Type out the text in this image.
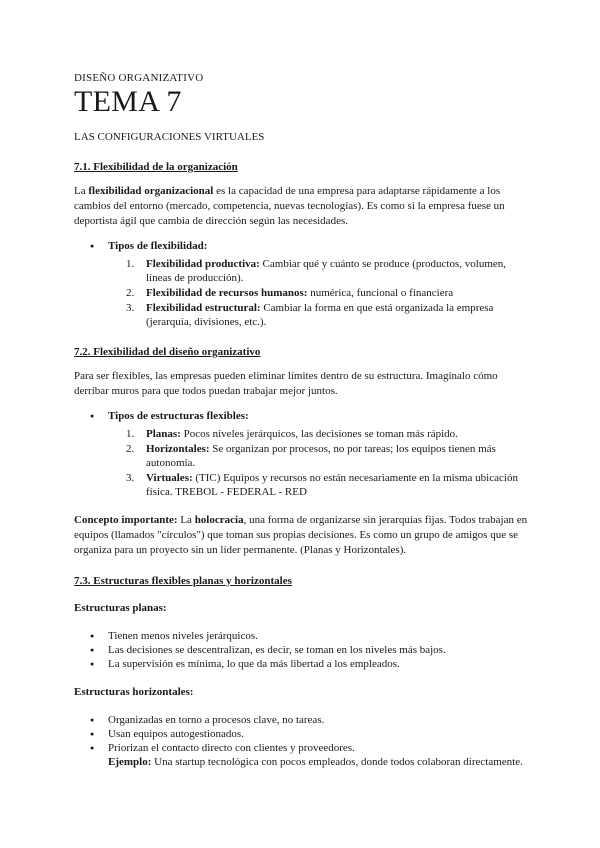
DISEÑO ORGANIZATIVO
TEMA 7
LAS CONFIGURACIONES VIRTUALES
7.1. Flexibilidad de la organización

La flexibilidad organizacional es la capacidad de una empresa para adaptarse rápidamente a los cambios del entorno (mercado, competencia, nuevas tecnologías). Es como si la empresa fuese un deportista ágil que cambia de dirección según las necesidades.

● Tipos de flexibilidad:
1. Flexibilidad productiva: Cambiar qué y cuánto se produce (productos, volumen, líneas de producción).
2. Flexibilidad de recursos humanos: numérica, funcional o financiera
3. Flexibilidad estructural: Cambiar la forma en que está organizada la empresa (jerarquía, divisiones, etc.).
7.2. Flexibilidad del diseño organizativo

Para ser flexibles, las empresas pueden eliminar límites dentro de su estructura. Imagínalo cómo derribar muros para que todos puedan trabajar mejor juntos.

● Tipos de estructuras flexibles:
1. Planas: Pocos niveles jerárquicos, las decisiones se toman más rápido.
2. Horizontales: Se organizan por procesos, no por tareas; los equipos tienen más autonomía.
3. Virtuales: (TIC) Equipos y recursos no están necesariamente en la misma ubicación física. TREBOL - FEDERAL - RED

Concepto importante: La holocracia, una forma de organizarse sin jerarquías fijas. Todos trabajan en equipos (llamados "círculos") que toman sus propias decisiones. Es como un grupo de amigos que se organiza para un proyecto sin un líder permanente. (Planas y Horizontales).

7.3. Estructuras flexibles planas y horizontales
Estructuras planas:
● Tienen menos niveles jerárquicos.
● Las decisiones se descentralizan, es decir, se toman en los niveles más bajos.
● La supervisión es mínima, lo que da más libertad a los empleados.
Estructuras horizontales:
● Organizadas en torno a procesos clave, no tareas.
● Usan equipos autogestionados.
● Priorizan el contacto directo con clientes y proveedores.
Ejemplo: Una startup tecnológica con pocos empleados, donde todos colaboran directamente.
